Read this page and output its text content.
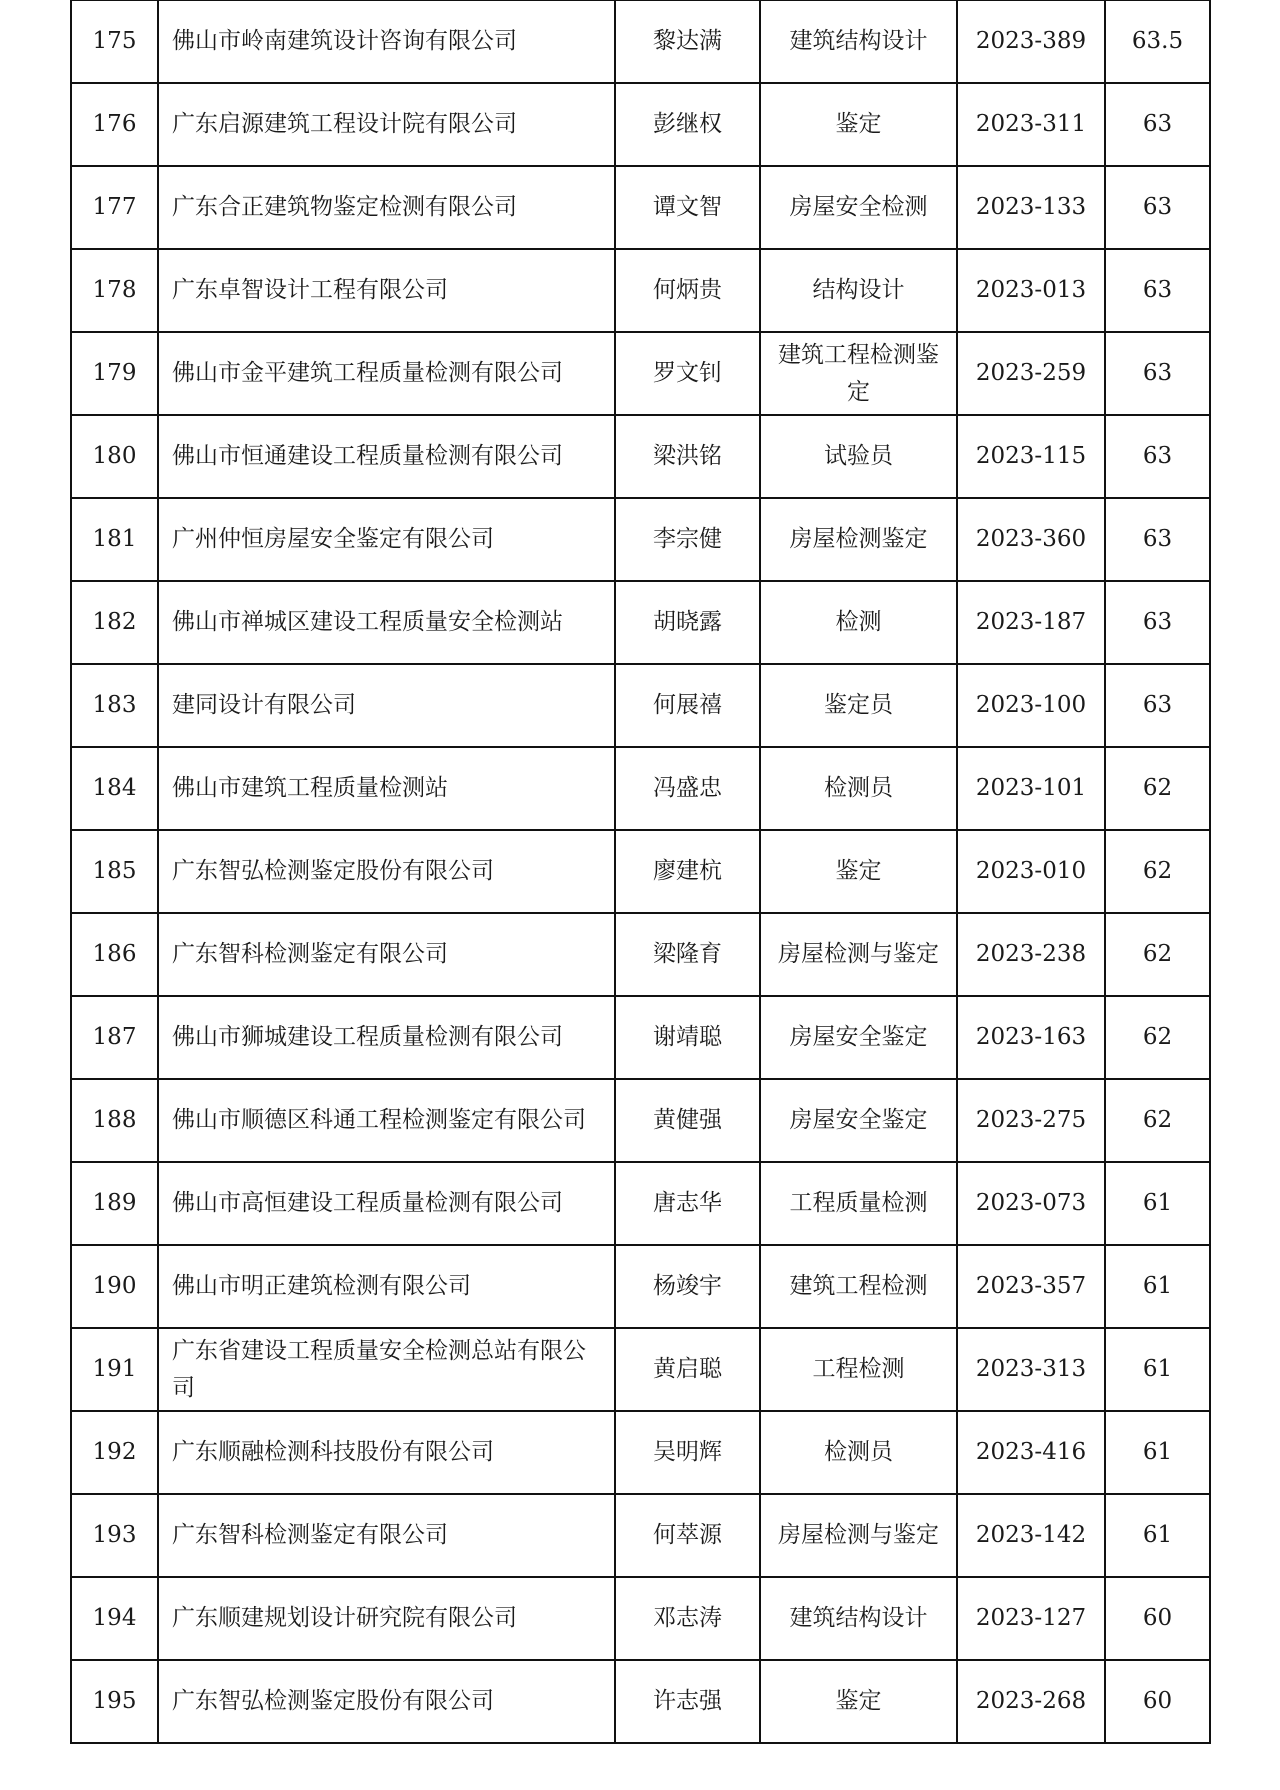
175	佛山市岭南建筑设计咨询有限公司	黎达满	建筑结构设计	2023-389	63.5
176	广东启源建筑工程设计院有限公司	彭继权	鉴定	2023-311	63
177	广东合正建筑物鉴定检测有限公司	谭文智	房屋安全检测	2023-133	63
178	广东卓智设计工程有限公司	何炳贵	结构设计	2023-013	63
179	佛山市金平建筑工程质量检测有限公司	罗文钊	建筑工程检测鉴定	2023-259	63
180	佛山市恒通建设工程质量检测有限公司	梁洪铭	试验员	2023-115	63
181	广州仲恒房屋安全鉴定有限公司	李宗健	房屋检测鉴定	2023-360	63
182	佛山市禅城区建设工程质量安全检测站	胡晓露	检测	2023-187	63
183	建同设计有限公司	何展禧	鉴定员	2023-100	63
184	佛山市建筑工程质量检测站	冯盛忠	检测员	2023-101	62
185	广东智弘检测鉴定股份有限公司	廖建杭	鉴定	2023-010	62
186	广东智科检测鉴定有限公司	梁隆育	房屋检测与鉴定	2023-238	62
187	佛山市狮城建设工程质量检测有限公司	谢靖聪	房屋安全鉴定	2023-163	62
188	佛山市顺德区科通工程检测鉴定有限公司	黄健强	房屋安全鉴定	2023-275	62
189	佛山市高恒建设工程质量检测有限公司	唐志华	工程质量检测	2023-073	61
190	佛山市明正建筑检测有限公司	杨竣宇	建筑工程检测	2023-357	61
191	广东省建设工程质量安全检测总站有限公司	黄启聪	工程检测	2023-313	61
192	广东顺融检测科技股份有限公司	吴明辉	检测员	2023-416	61
193	广东智科检测鉴定有限公司	何萃源	房屋检测与鉴定	2023-142	61
194	广东顺建规划设计研究院有限公司	邓志涛	建筑结构设计	2023-127	60
195	广东智弘检测鉴定股份有限公司	许志强	鉴定	2023-268	60
